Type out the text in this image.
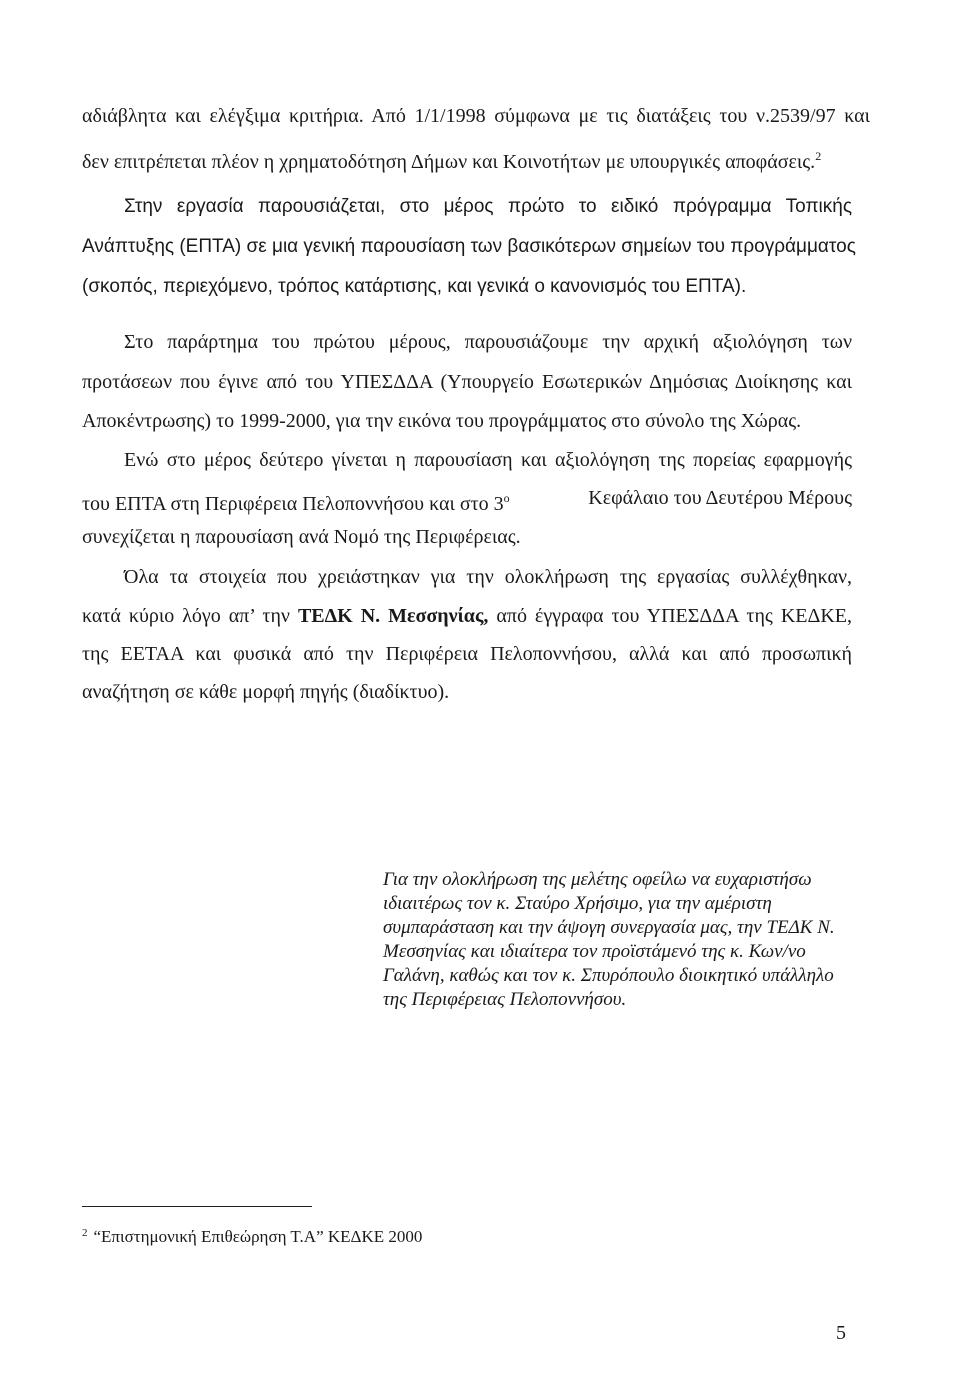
αδιάβλητα και ελέγξιμα κριτήρια. Από 1/1/1998 σύμφωνα με τις διατάξεις του ν.2539/97 και
δεν επιτρέπεται πλέον η χρηματοδότηση Δήμων και Κοινοτήτων με υπουργικές αποφάσεις.$^2$
Στην εργασία παρουσιάζεται, στο μέρος πρώτο το ειδικό πρόγραμμα Τοπικής
Ανάπτυξης (ΕΠΤΑ) σε μια γενική παρουσίαση των βασικότερων σημείων του προγράμματος
(σκοπός, περιεχόμενο, τρόπος κατάρτισης, και γενικά ο κανονισμός του ΕΠΤΑ).
Στο παράρτημα του πρώτου μέρους, παρουσιάζουμε την αρχική αξιολόγηση των
προτάσεων που έγινε από του ΥΠΕΣΔΔΑ (Υπουργείο Εσωτερικών Δημόσιας Διοίκησης και
Αποκέντρωσης) το 1999-2000, για την εικόνα του προγράμματος στο σύνολο της Χώρας.
Ενώ στο μέρος δεύτερο γίνεται η παρουσίαση και αξιολόγηση της πορείας εφαρμογής
του ΕΠΤΑ στη Περιφέρεια Πελοποννήσου και στο $3^o$	Κεφάλαιο του Δευτέρου Μέρους
συνεχίζεται η παρουσίαση ανά Νομό της Περιφέρειας.
Όλα τα στοιχεία που χρειάστηκαν για την ολοκλήρωση της εργασίας συλλέχθηκαν,
κατά κύριο λόγο απ’ την ΤΕΔΚ Ν. Μεσσηνίας, από έγγραφα του ΥΠΕΣΔΔΑ της ΚΕΔΚΕ,
της ΕΕΤΑΑ και φυσικά από την Περιφέρεια Πελοποννήσου, αλλά και από προσωπική
αναζήτηση σε κάθε μορφή πηγής (διαδίκτυο).
Για την ολοκλήρωση της μελέτης οφείλω να ευχαριστήσω
ιδιαιτέρως τον κ. Σταύρο Χρήσιμο, για την αμέριστη
συμπαράσταση και την άψογη συνεργασία μας, την ΤΕΔΚ Ν.
Μεσσηνίας και ιδιαίτερα τον προϊστάμενό της κ. Κων/νο
Γαλάνη, καθώς και τον κ. Σπυρόπουλο διοικητικό υπάλληλο
της Περιφέρειας Πελοποννήσου.
$^2$ “Επιστημονική Επιθεώρηση Τ.Α” ΚΕΔΚΕ 2000
5
